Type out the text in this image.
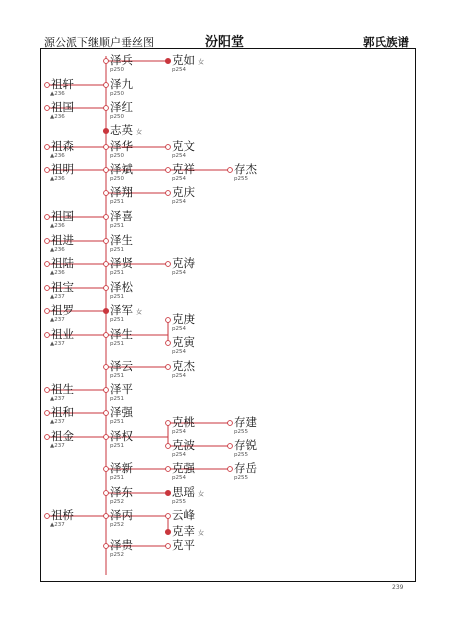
源公派下继顺户垂丝图	汾阳堂	郭氏族谱
泽兵
p250
克如 女
p254
祖轩
▲236
泽九
p250
祖国
▲236
泽红
p250
志英 女
祖森
▲236
泽华
p250
克文
p254
祖明
▲236
泽斌
p250
克祥
p254
存杰
p255
泽翔
p251
克庆
p254
祖国
▲236
泽喜
p251
祖进
▲236
泽生
p251
祖陆
▲236
泽贤
p251
克涛
p254
祖宝
▲237
泽松
p251
祖罗
▲237
泽军 女
p251	克庚
p254
祖业
▲237
泽生
p251	克寅
p254
泽云
p251
克杰
p254
祖生
▲237
泽平
p251
祖和
▲237
泽强
p251	克桃
p254
存建
p255
祖金
▲237
泽权
p251	克波
p254
存锐
p255
泽新
p251
克强
p254
存岳
p255
泽东
p252
思瑶 女
p255
祖桥
▲237
泽丙
p252
云峰
克幸 女
泽贵
p252
克平
239
